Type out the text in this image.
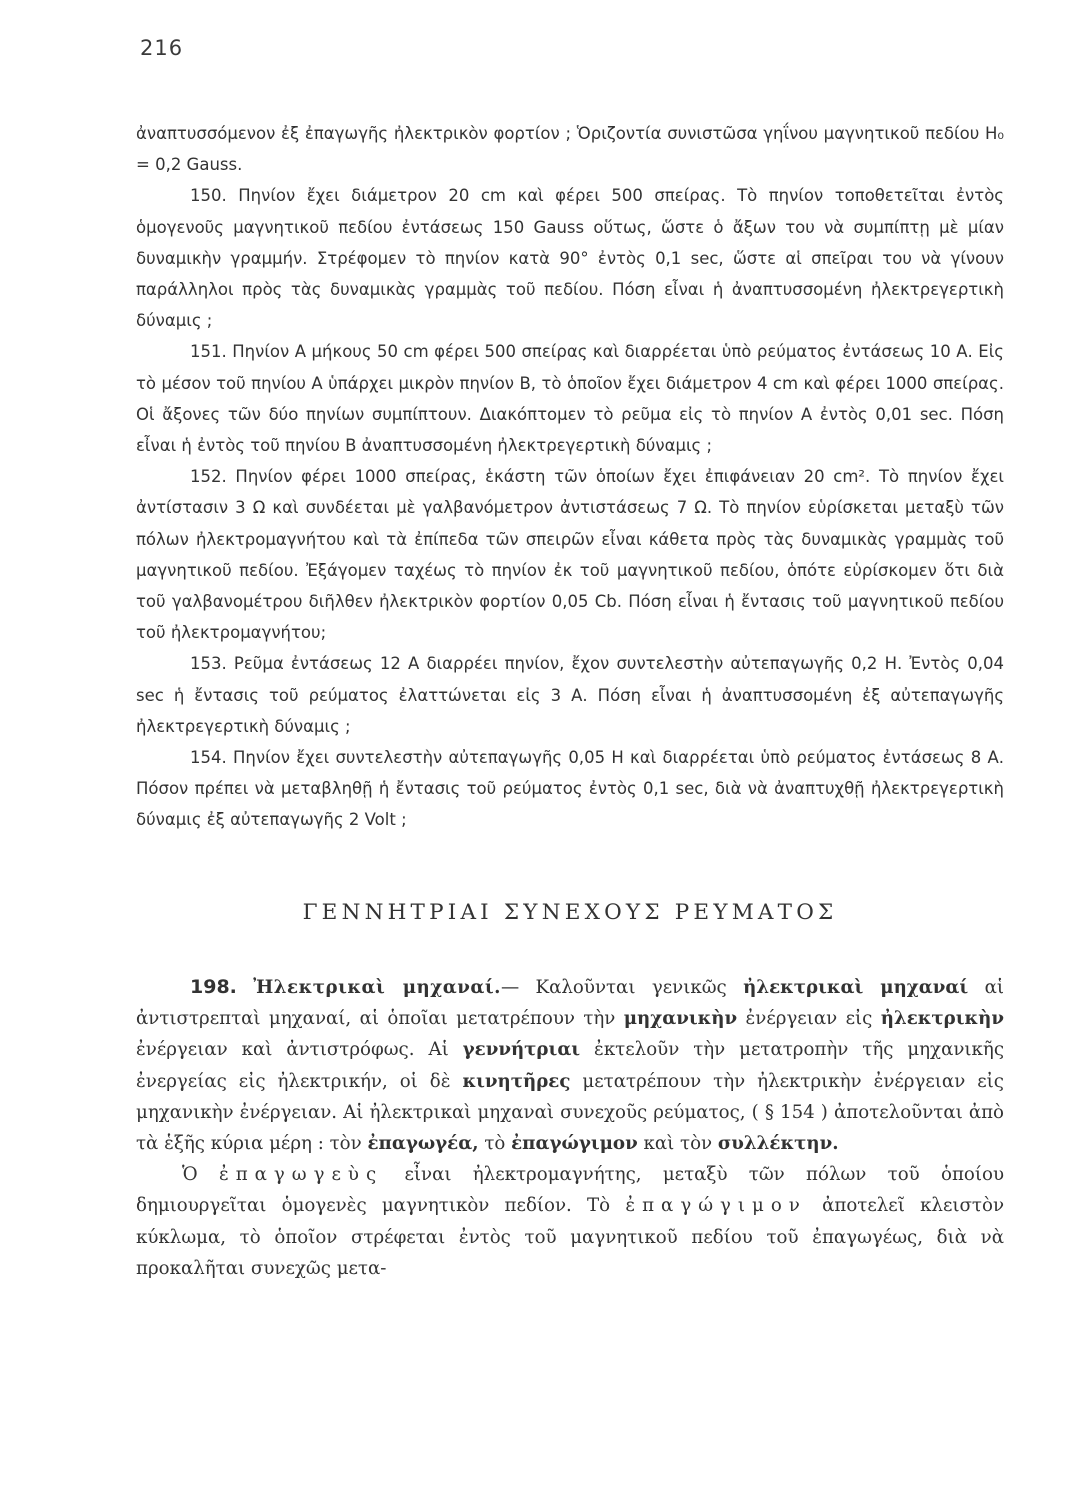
216

ἀναπτυσσόμενον ἐξ ἐπαγωγῆς ἠλεκτρικὸν φορτίον ; Ὁριζοντία συνιστῶσα γηΐνου μαγνητικοῦ πεδίου H₀ = 0,2 Gauss.

150. Πηνίον ἔχει διάμετρον 20 cm καὶ φέρει 500 σπείρας. Τὸ πηνίον τοποθετεῖται ἐντὸς ὁμογενοῦς μαγνητικοῦ πεδίου ἐντάσεως 150 Gauss οὕτως, ὥστε ὁ ἄξων του νὰ συμπίπτῃ μὲ μίαν δυναμικὴν γραμμήν. Στρέφομεν τὸ πηνίον κατὰ 90° ἐντὸς 0,1 sec, ὥστε αἱ σπεῖραι του νὰ γίνουν παράλληλοι πρὸς τὰς δυναμικὰς γραμμὰς τοῦ πεδίου. Πόση εἶναι ἡ ἀναπτυσσομένη ἠλεκτρεγερτικὴ δύναμις ;

151. Πηνίον Α μήκους 50 cm φέρει 500 σπείρας καὶ διαρρέεται ὑπὸ ρεύματος ἐντάσεως 10 Α. Εἰς τὸ μέσον τοῦ πηνίου Α ὑπάρχει μικρὸν πηνίον Β, τὸ ὁποῖον ἔχει διάμετρον 4 cm καὶ φέρει 1000 σπείρας. Οἱ ἄξονες τῶν δύο πηνίων συμπίπτουν. Διακόπτομεν τὸ ρεῦμα εἰς τὸ πηνίον Α ἐντὸς 0,01 sec. Πόση εἶναι ἡ ἐντὸς τοῦ πηνίου Β ἀναπτυσσομένη ἠλεκτρεγερτικὴ δύναμις ;

152. Πηνίον φέρει 1000 σπείρας, ἑκάστη τῶν ὁποίων ἔχει ἐπιφάνειαν 20 cm². Τὸ πηνίον ἔχει ἀντίστασιν 3 Ω καὶ συνδέεται μὲ γαλβανόμετρον ἀντιστάσεως 7 Ω. Τὸ πηνίον εὑρίσκεται μεταξὺ τῶν πόλων ἠλεκτρομαγνήτου καὶ τὰ ἐπίπεδα τῶν σπειρῶν εἶναι κάθετα πρὸς τὰς δυναμικὰς γραμμὰς τοῦ μαγνητικοῦ πεδίου. Ἐξάγομεν ταχέως τὸ πηνίον ἐκ τοῦ μαγνητικοῦ πεδίου, ὁπότε εὑρίσκομεν ὅτι διὰ τοῦ γαλβανομέτρου διῆλθεν ἠλεκτρικὸν φορτίον 0,05 Cb. Πόση εἶναι ἡ ἔντασις τοῦ μαγνητικοῦ πεδίου τοῦ ἠλεκτρομαγνήτου;

153. Ρεῦμα ἐντάσεως 12 Α διαρρέει πηνίον, ἔχον συντελεστὴν αὐτεπαγωγῆς 0,2 Η. Ἐντὸς 0,04 sec ἡ ἔντασις τοῦ ρεύματος ἐλαττώνεται εἰς 3 Α. Πόση εἶναι ἡ ἀναπτυσσομένη ἐξ αὐτεπαγωγῆς ἠλεκτρεγερτικὴ δύναμις ;

154. Πηνίον ἔχει συντελεστὴν αὐτεπαγωγῆς 0,05 Η καὶ διαρρέεται ὑπὸ ρεύματος ἐντάσεως 8 Α. Πόσον πρέπει νὰ μεταβληθῇ ἡ ἔντασις τοῦ ρεύματος ἐντὸς 0,1 sec, διὰ νὰ ἀναπτυχθῇ ἠλεκτρεγερτικὴ δύναμις ἐξ αὐτεπαγωγῆς 2 Volt ;

ΓΕΝΝΗΤΡΙΑΙ ΣΥΝΕΧΟΥΣ ΡΕΥΜΑΤΟΣ

198. Ἠλεκτρικαὶ μηχαναί.— Καλοῦνται γενικῶς ἠλεκτρικαὶ μηχαναί αἱ ἀντιστρεπταὶ μηχαναί, αἱ ὁποῖαι μετατρέπουν τὴν μηχανικὴν ἐνέργειαν εἰς ἠλεκτρικὴν ἐνέργειαν καὶ ἀντιστρόφως. Αἱ γεννήτριαι ἐκτελοῦν τὴν μετατροπὴν τῆς μηχανικῆς ἐνεργείας εἰς ἠλεκτρικήν, οἱ δὲ κινητῆρες μετατρέπουν τὴν ἠλεκτρικὴν ἐνέργειαν εἰς μηχανικὴν ἐνέργειαν. Αἱ ἠλεκτρικαὶ μηχαναὶ συνεχοῦς ρεύματος, ( § 154 ) ἀποτελοῦνται ἀπὸ τὰ ἑξῆς κύρια μέρη : τὸν ἐπαγωγέα, τὸ ἐπαγώγιμον καὶ τὸν συλλέκτην.

Ὁ ἐπαγωγεὺς εἶναι ἠλεκτρομαγνήτης, μεταξὺ τῶν πόλων τοῦ ὁποίου δημιουργεῖται ὁμογενὲς μαγνητικὸν πεδίον. Τὸ ἐπαγώγιμον ἀποτελεῖ κλειστὸν κύκλωμα, τὸ ὁποῖον στρέφεται ἐντὸς τοῦ μαγνητικοῦ πεδίου τοῦ ἐπαγωγέως, διὰ νὰ προκαλῆται συνεχῶς μετα-
